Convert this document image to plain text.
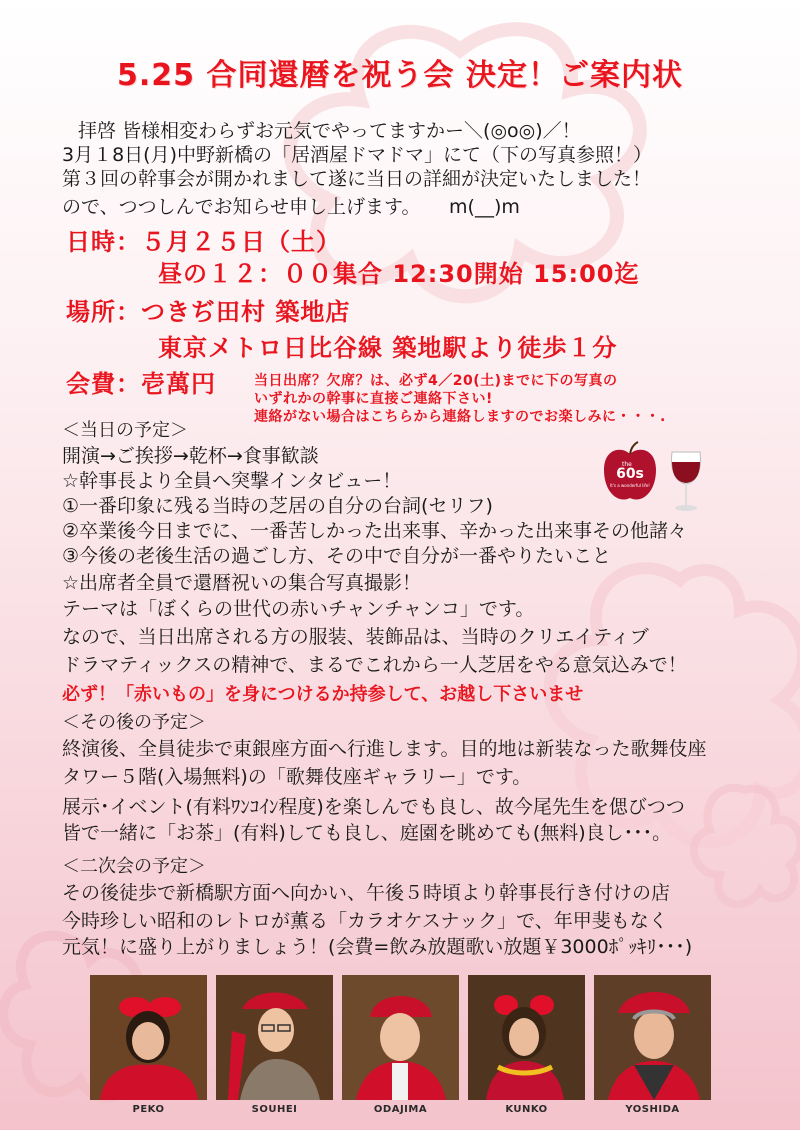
5.25 合同還暦を祝う会 決定！ご案内状
拝啓 皆様相変わらずお元気でやってますかー＼(◎o◎)／！
3月１8日(月)中野新橋の「居酒屋ドマドマ」にて（下の写真参照！）
第３回の幹事会が開かれまして遂に当日の詳細が決定いたしました！
ので、つつしんでお知らせ申し上げます。　　m(__)m
日時：５月２５日（土）
昼の１２：００集合 12:30開始 15:00迄
場所：つきぢ田村 築地店
東京メトロ日比谷線 築地駅より徒歩１分
会費：壱萬円	当日出席？欠席？は、必ず4／20(土)までに下の写真の
いずれかの幹事に直接ご連絡下さい!
連絡がない場合はこちらから連絡しますのでお楽しみに・・・.
the
60s
It's a wonderful life!
＜当日の予定＞
開演→ご挨拶→乾杯→食事歓談
☆幹事長より全員へ突撃インタビュー！
①一番印象に残る当時の芝居の自分の台詞(セリフ)
②卒業後今日までに、一番苦しかった出来事、辛かった出来事その他諸々
③今後の老後生活の過ごし方、その中で自分が一番やりたいこと
☆出席者全員で還暦祝いの集合写真撮影！
テーマは「ぼくらの世代の赤いチャンチャンコ」です。
なので、当日出席される方の服装、装飾品は、当時のクリエイティブ
ドラマティックスの精神で、まるでこれから一人芝居をやる意気込みで！
必ず！「赤いもの」を身につけるか持参して、お越し下さいませ
＜その後の予定＞
終演後、全員徒歩で東銀座方面へ行進します。目的地は新装なった歌舞伎座
タワー５階(入場無料)の「歌舞伎座ギャラリー」です。
展示･イベント(有料ﾜﾝｺｲﾝ程度)を楽しんでも良し、故今尾先生を偲びつつ
皆で一緒に「お茶」(有料)しても良し、庭園を眺めても(無料)良し･･･。
＜二次会の予定＞
その後徒歩で新橋駅方面へ向かい、午後５時頃より幹事長行き付けの店
今時珍しい昭和のレトロが薫る「カラオケスナック」で、年甲斐もなく
元気！に盛り上がりましょう！(会費=飲み放題歌い放題￥3000ﾎﾟｯｷﾘ･･･)
PEKO	SOUHEI	ODAJIMA	KUNKO	YOSHIDA
